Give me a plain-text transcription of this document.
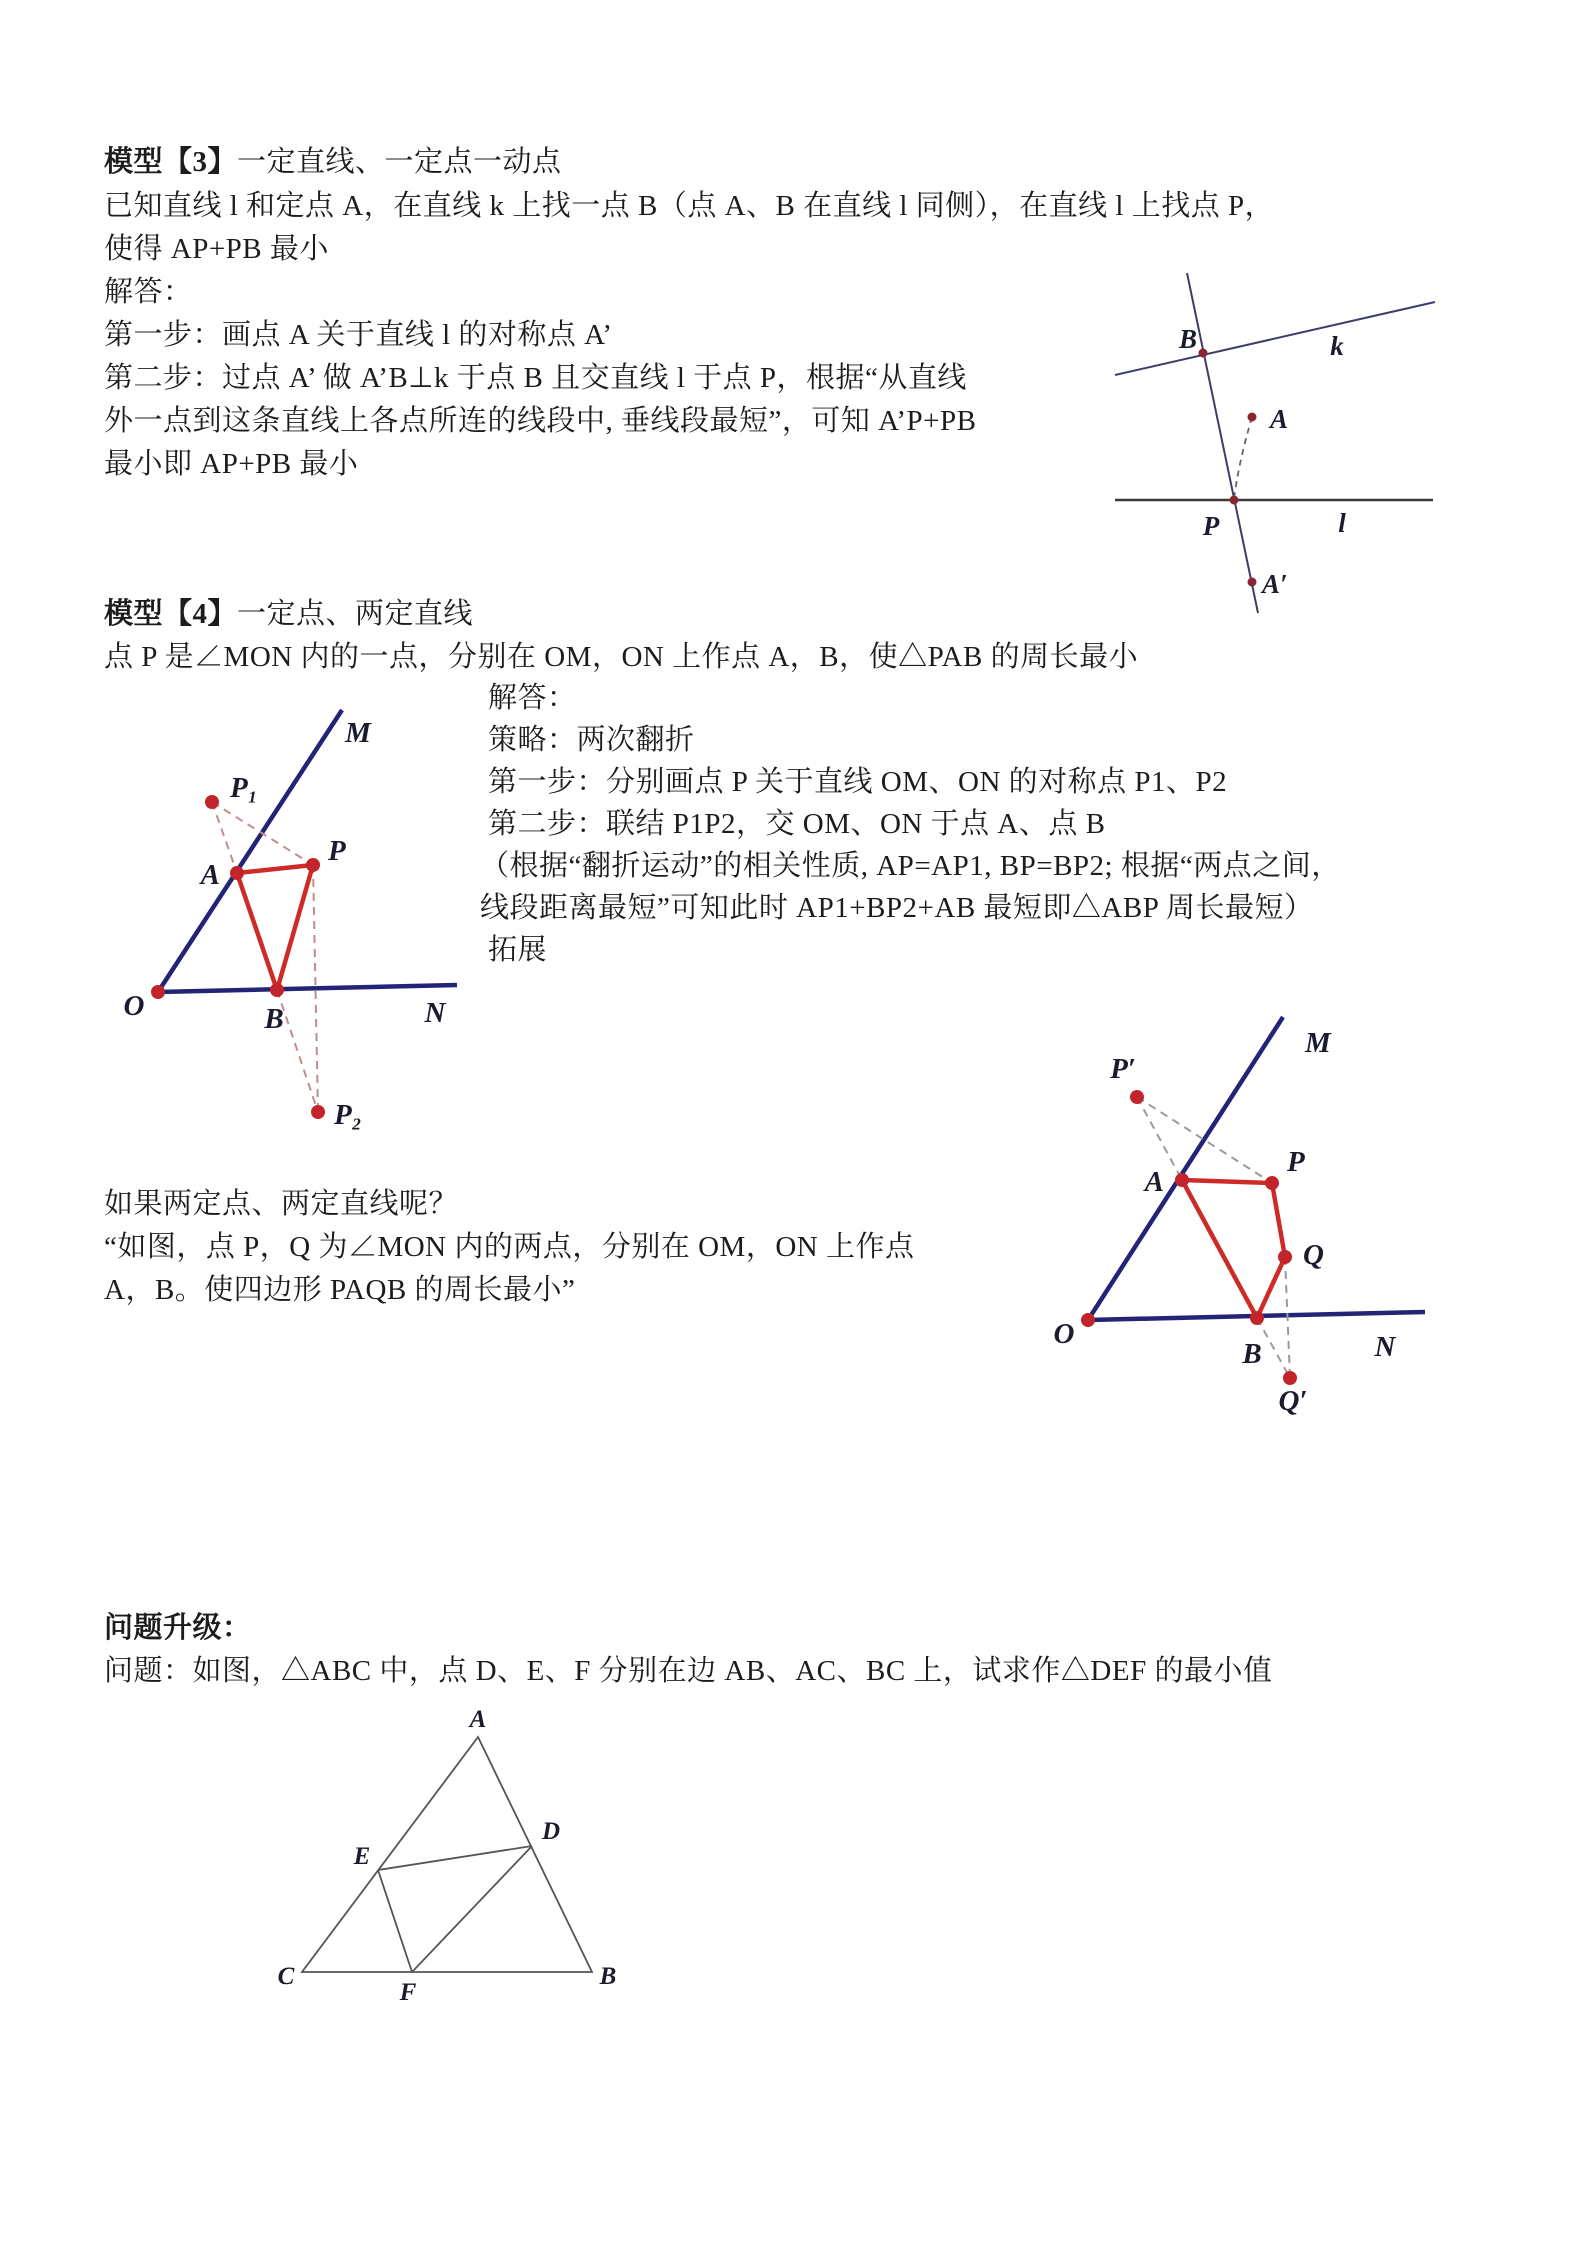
模型【3】一定直线、一定点一动点
已知直线 l 和定点 A，在直线 k 上找一点 B（点 A、B 在直线 l 同侧），在直线 l 上找点 P，
使得 AP+PB 最小
解答：
第一步：画点 A 关于直线 l 的对称点 A’
第二步：过点 A’ 做 A’B⊥k 于点 B 且交直线 l 于点 P，根据“从直线
外一点到这条直线上各点所连的线段中, 垂线段最短”，可知 A’P+PB
最小即 AP+PB 最小
B	k
A
P	l
A′
模型【4】一定点、两定直线
点 P 是∠MON 内的一点，分别在 OM，ON 上作点 A，B，使△PAB 的周长最小
解答：
策略：两次翻折
第一步：分别画点 P 关于直线 OM、ON 的对称点 P1、P2
第二步：联结 P1P2，交 OM、ON 于点 A、点 B
（根据“翻折运动”的相关性质, AP=AP1, BP=BP2; 根据“两点之间，
线段距离最短”可知此时 AP1+BP2+AB 最短即△ABP 周长最短）
拓展
M
P₁
A
P
O	B	N
P₂
如果两定点、两定直线呢？
“如图，点 P，Q 为∠MON 内的两点，分别在 OM，ON 上作点
A，B。使四边形 PAQB 的周长最小”
M
P′
A
P
Q
O
B	N
Q′
问题升级：
问题：如图，△ABC 中，点 D、E、F 分别在边 AB、AC、BC 上，试求作△DEF 的最小值
A
C	B
D
E
F
